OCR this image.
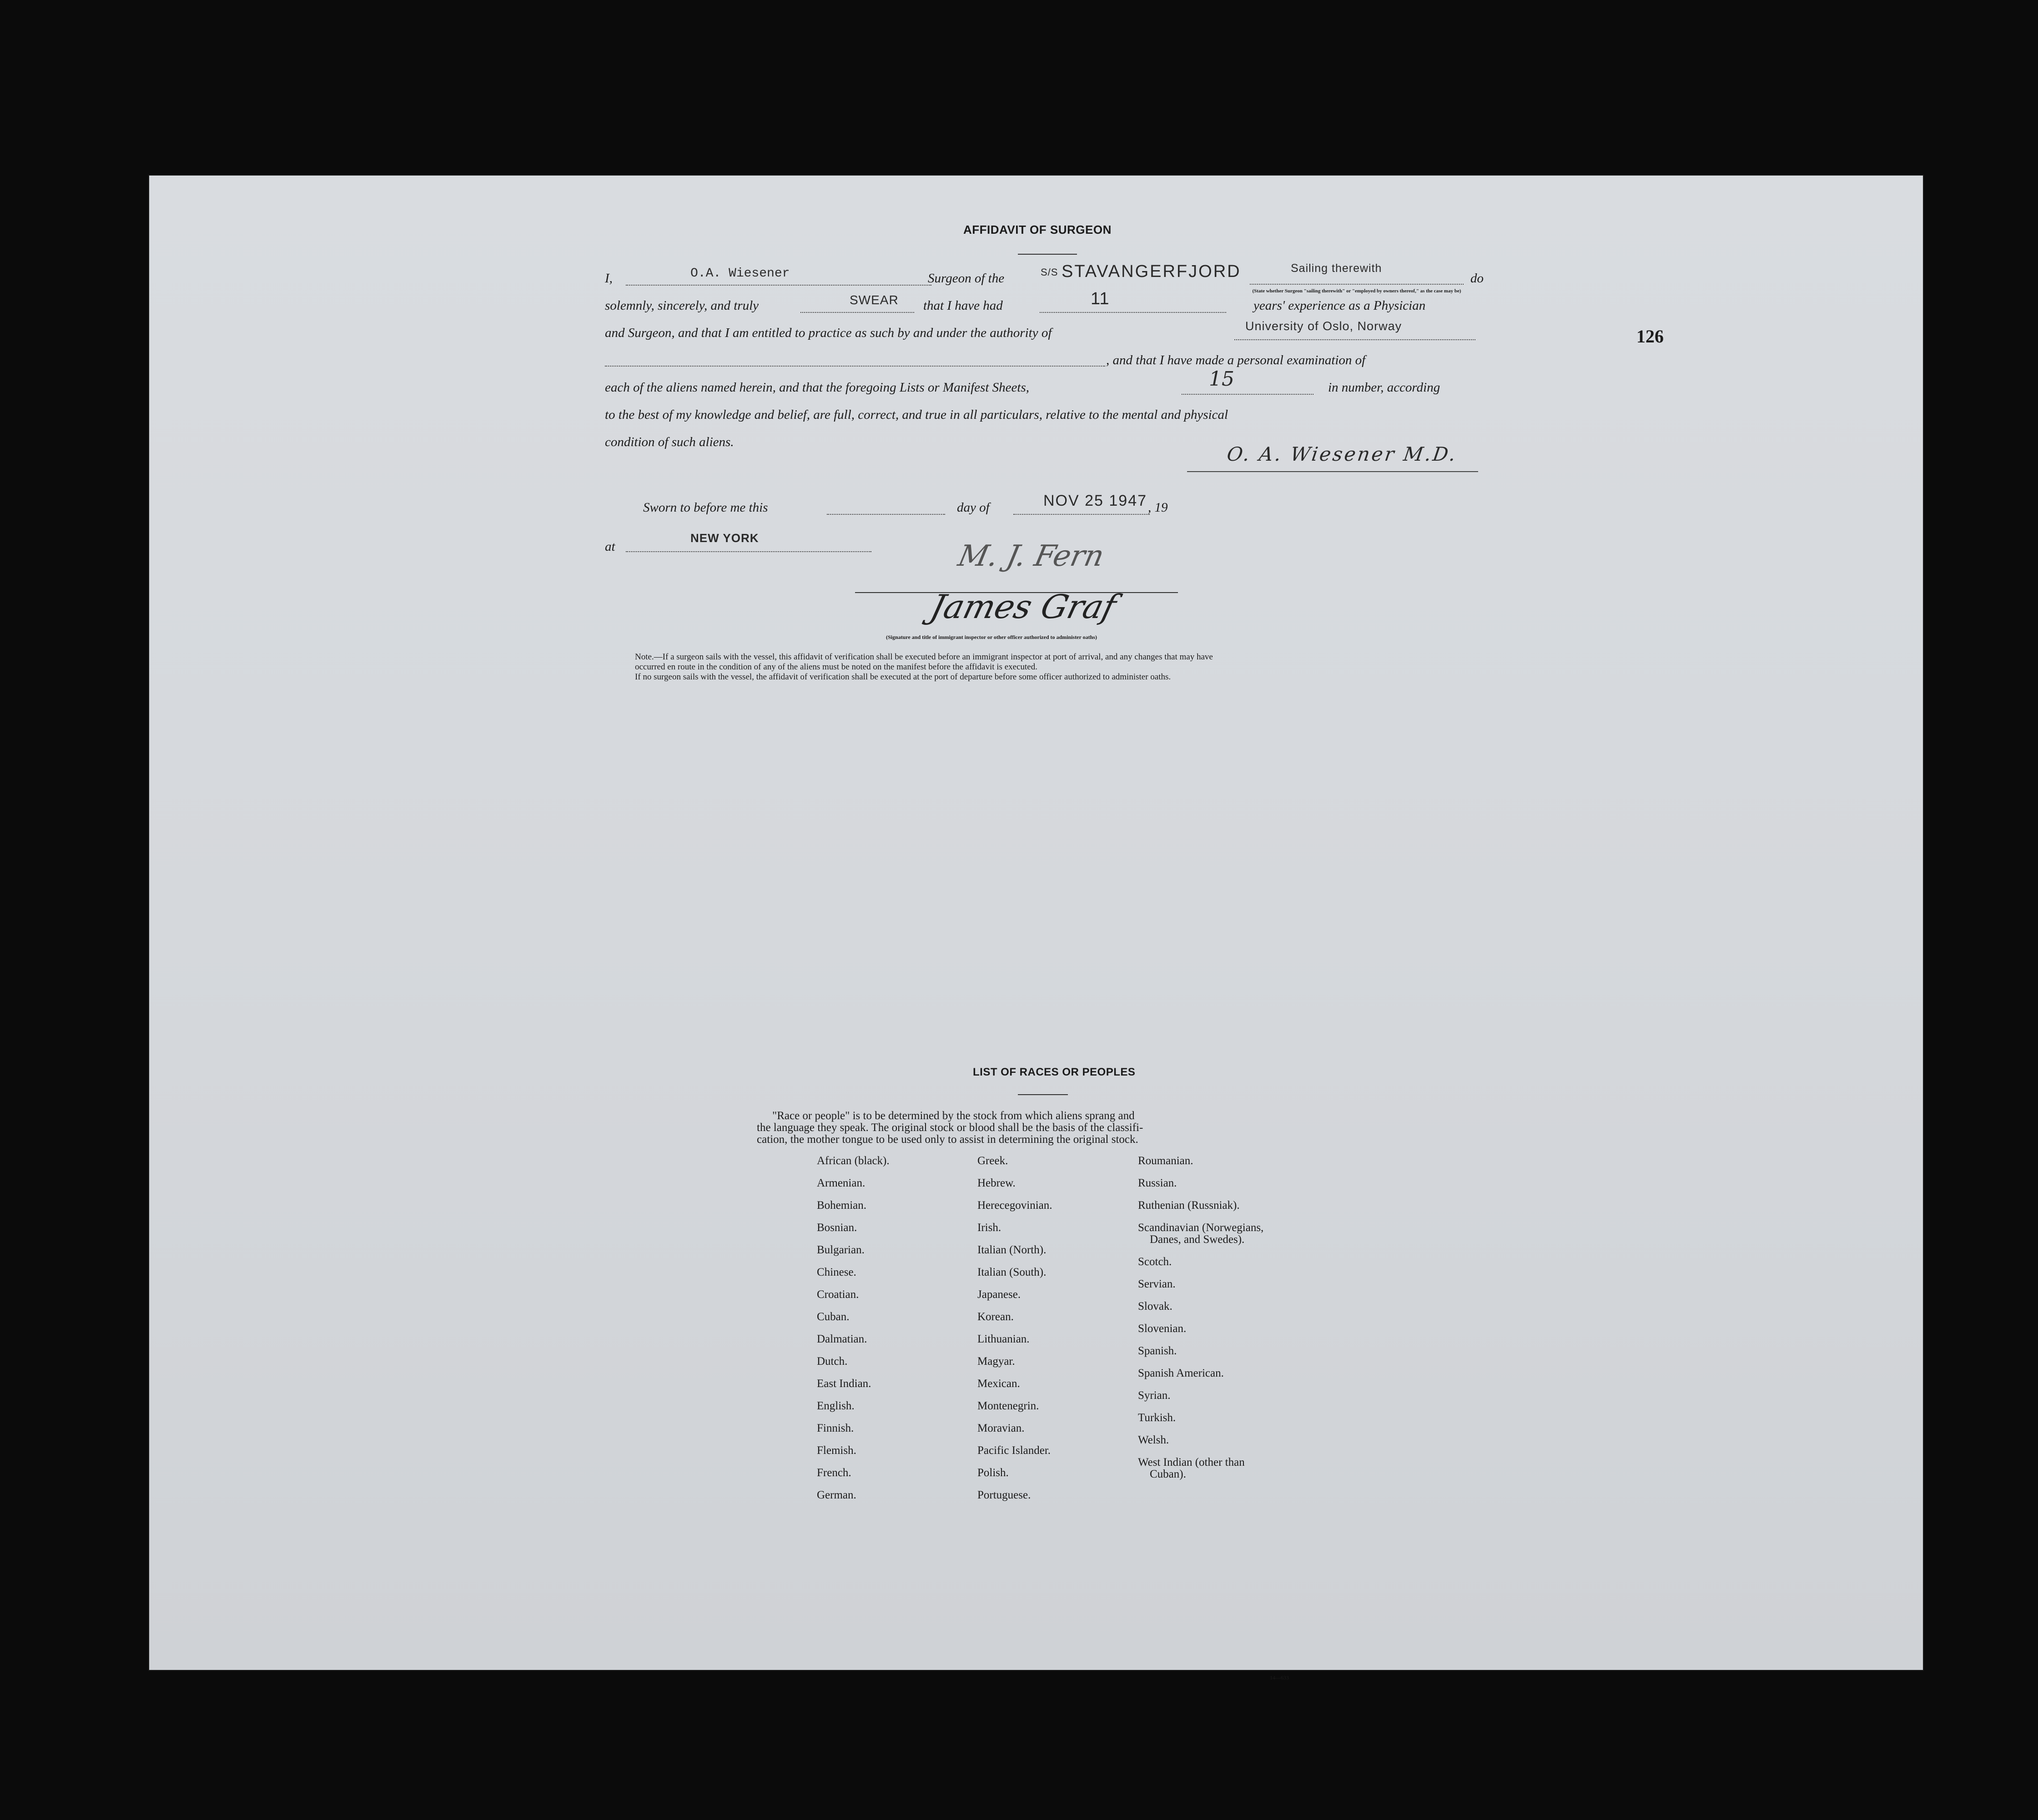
126
AFFIDAVIT OF SURGEON
I,	O.A. Wiesener	Surgeon of the	S/S STAVANGERFJORD	Sailing therewith
(State whether Surgeon "sailing therewith" or "employed by owners thereof," as the case may be)
do
solemnly, sincerely, and truly	SWEAR that I have had	11	years' experience as a Physician
and Surgeon, and that I am entitled to practice as such by and under the authority of	University of Oslo, Norway
, and that I have made a personal examination of
each of the aliens named herein, and that the foregoing Lists or Manifest Sheets,	15	in number, according
to the best of my knowledge and belief, are full, correct, and true in all particulars, relative to the mental and physical
condition of such aliens.
O. A. Wiesener M.D.
Sworn to before me this	day of	NOV 25 1947 , 19
at
NEW YORK
M. J. Fern
James Graf
(Signature and title of immigrant inspector or other officer authorized to administer oaths)
Note.—If a surgeon sails with the vessel, this affidavit of verification shall be executed before an immigrant inspector at port of arrival, and any changes that may have
occurred en route in the condition of any of the aliens must be noted on the manifest before the affidavit is executed.
If no surgeon sails with the vessel, the affidavit of verification shall be executed at the port of departure before some officer authorized to administer oaths.
LIST OF RACES OR PEOPLES
"Race or people" is to be determined by the stock from which aliens sprang and
the language they speak. The original stock or blood shall be the basis of the classifi-
cation, the mother tongue to be used only to assist in determining the original stock.
African (black).
Armenian.
Bohemian.
Bosnian.
Bulgarian.
Chinese.
Croatian.
Cuban.
Dalmatian.
Dutch.
East Indian.
English.
Finnish.
Flemish.
French.
German.
Greek.
Hebrew.
Herecegovinian.
Irish.
Italian (North).
Italian (South).
Japanese.
Korean.
Lithuanian.
Magyar.
Mexican.
Montenegrin.
Moravian.
Pacific Islander.
Polish.
Portuguese.
Roumanian.
Russian.
Ruthenian (Russniak).
Scandinavian (Norwegians,
Danes, and Swedes).
Scotch.
Servian.
Slovak.
Slovenian.
Spanish.
Spanish American.
Syrian.
Turkish.
Welsh.
West Indian (other than
Cuban).
14—633
